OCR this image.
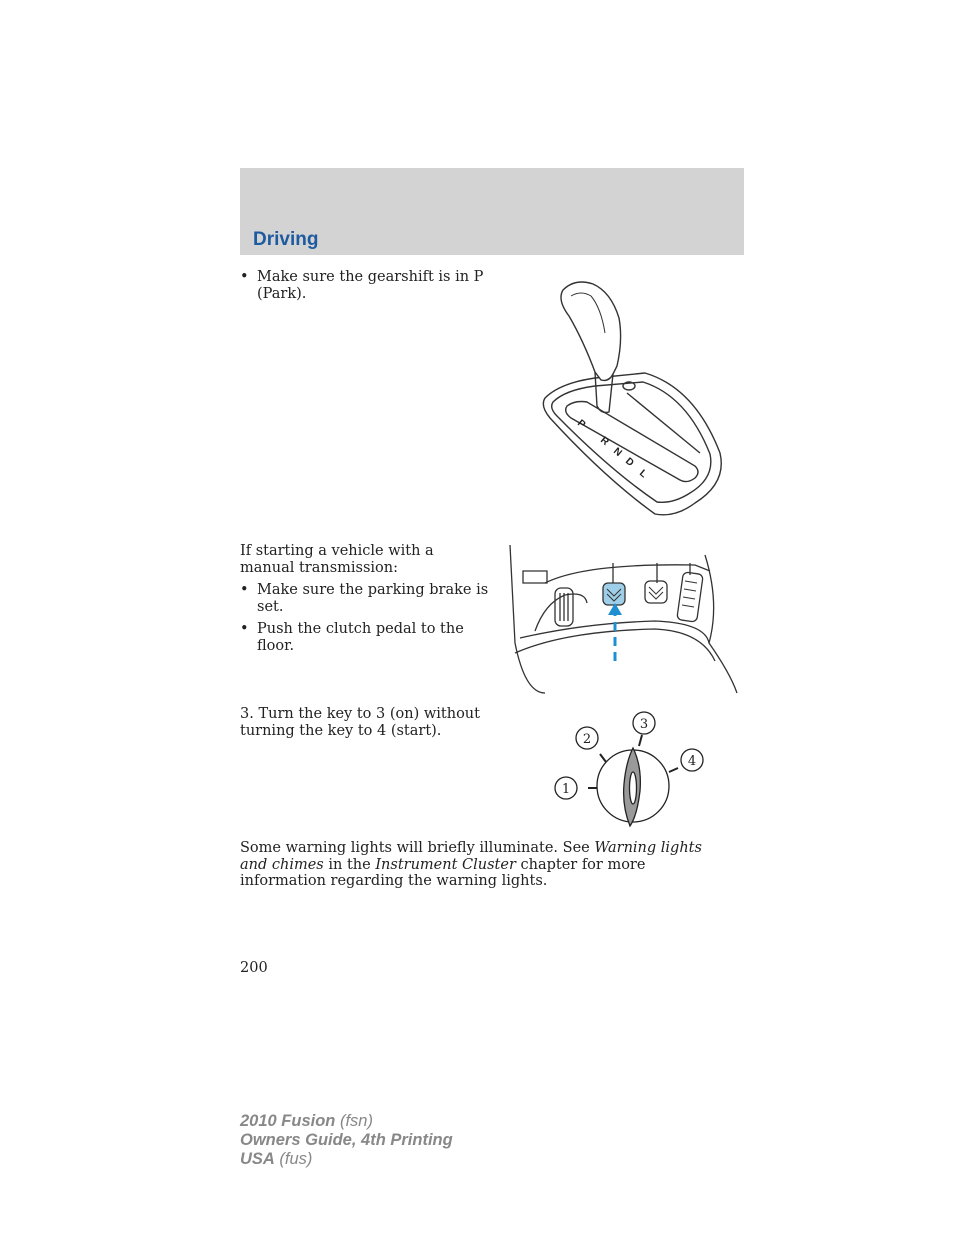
Driving
• Make sure the gearshift is in P (Park).
P
R
N
D
L
If starting a vehicle with a manual transmission:
• Make sure the parking brake is set.
• Push the clutch pedal to the floor.
3. Turn the key to 3 (on) without turning the key to 4 (start).
1
2
3
4
Some warning lights will briefly illuminate. See Warning lights and chimes in the Instrument Cluster chapter for more information regarding the warning lights.
200
2010 Fusion (fsn)
Owners Guide, 4th Printing
USA (fus)
